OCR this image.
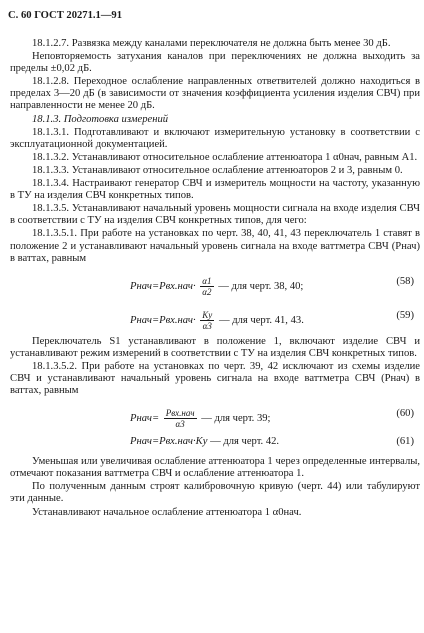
С. 60 ГОСТ 20271.1—91

18.1.2.7. Развязка между каналами переключателя не должна быть менее 30 дБ.

Неповторяемость затухания каналов при переключениях не должна выходить за пределы ±0,02 дБ.

18.1.2.8. Переходное ослабление направленных ответвителей должно находиться в пределах 3—20 дБ (в зависимости от значения коэффициента усиления изделия СВЧ) при направленности не менее 20 дБ.

18.1.3. Подготовка измерений

18.1.3.1. Подготавливают и включают измерительную установку в соответствии с эксплуатационной документацией.

18.1.3.2. Устанавливают относительное ослабление аттенюатора 1 α0нач, равным A1.

18.1.3.3. Устанавливают относительное ослабление аттенюаторов 2 и 3, равным 0.

18.1.3.4. Настраивают генератор СВЧ и измеритель мощности на частоту, указанную в ТУ на изделия СВЧ конкретных типов.

18.1.3.5. Устанавливают начальный уровень мощности сигнала на входе изделия СВЧ в соответствии с ТУ на изделия СВЧ конкретных типов, для чего:

18.1.3.5.1. При работе на установках по черт. 38, 40, 41, 43 переключатель 1 ставят в положение 2 и устанавливают начальный уровень сигнала на входе ваттметра СВЧ (Pнач) в ваттах, равным

Pнач=Pвх.нач· $\frac{\alpha 1}{\alpha 2}$ — для черт. 38, 40;	(58)
Pнач=Pвх.нач· $\frac{Kу}{\alpha 3}$ — для черт. 41, 43.	(59)

Переключатель S1 устанавливают в положение 1, включают изделие СВЧ и устанавливают режим измерений в соответствии с ТУ на изделия СВЧ конкретных типов.

18.1.3.5.2. При работе на установках по черт. 39, 42 исключают из схемы изделие СВЧ и устанавливают начальный уровень сигнала на входе ваттметра СВЧ (Pнач) в ваттах, равным

Pнач= $\frac{\text{Pвх.нач}}{\alpha 3}$ — для черт. 39;	(60)
Pнач=Pвх.нач·Kу — для черт. 42.	(61)

Уменьшая или увеличивая ослабление аттенюатора 1 через определенные интервалы, отмечают показания ваттметра СВЧ и ослабление аттенюатора 1.

По полученным данным строят калибровочную кривую (черт. 44) или табулируют эти данные.

Устанавливают начальное ослабление аттенюатора 1 α0нач.
